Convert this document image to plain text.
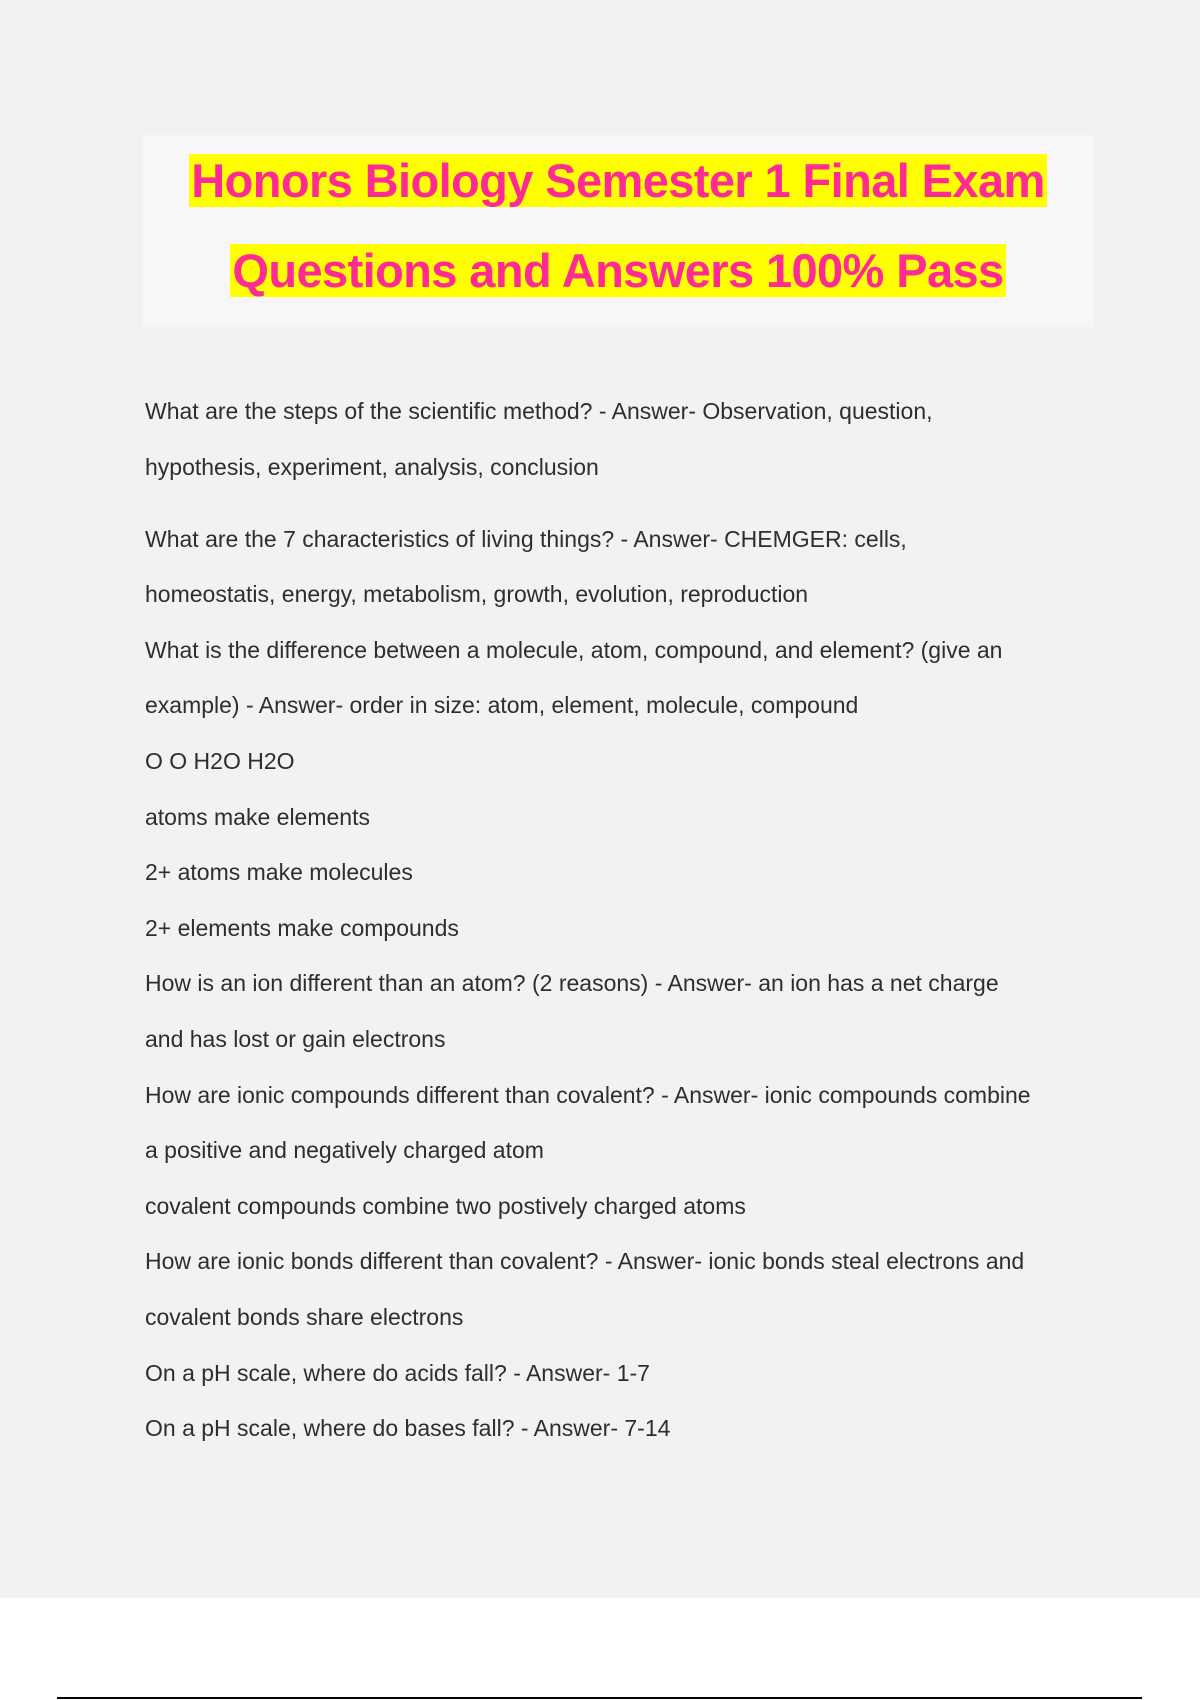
Honors Biology Semester 1 Final Exam
Questions and Answers 100% Pass
What are the steps of the scientific method? - Answer- Observation, question,
hypothesis, experiment, analysis, conclusion
What are the 7 characteristics of living things? - Answer- CHEMGER: cells,
homeostatis, energy, metabolism, growth, evolution, reproduction
What is the difference between a molecule, atom, compound, and element? (give an
example) - Answer- order in size: atom, element, molecule, compound
O O H2O H2O
atoms make elements
2+ atoms make molecules
2+ elements make compounds
How is an ion different than an atom? (2 reasons) - Answer- an ion has a net charge
and has lost or gain electrons
How are ionic compounds different than covalent? - Answer- ionic compounds combine
a positive and negatively charged atom
covalent compounds combine two postively charged atoms
How are ionic bonds different than covalent? - Answer- ionic bonds steal electrons and
covalent bonds share electrons
On a pH scale, where do acids fall? - Answer- 1-7
On a pH scale, where do bases fall? - Answer- 7-14
